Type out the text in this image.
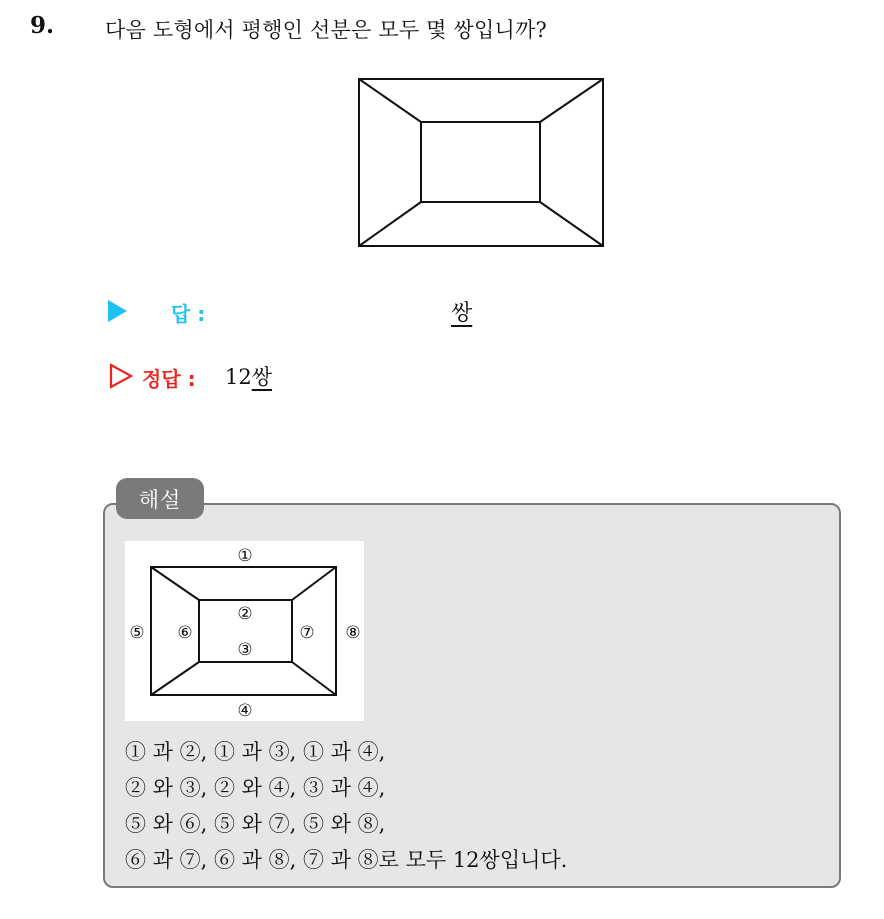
9. 다음 도형에서 평행인 선분은 모두 몇 쌍입니까?
답 :	쌍
정답 : 12쌍
해설
①
②
③
④
⑤ ⑥	⑦ ⑧
① 과 ②, ① 과 ③, ① 과 ④,
② 와 ③, ② 와 ④, ③ 과 ④,
⑤ 와 ⑥, ⑤ 와 ⑦, ⑤ 와 ⑧,
⑥ 과 ⑦, ⑥ 과 ⑧, ⑦ 과 ⑧로 모두 12쌍입니다.
